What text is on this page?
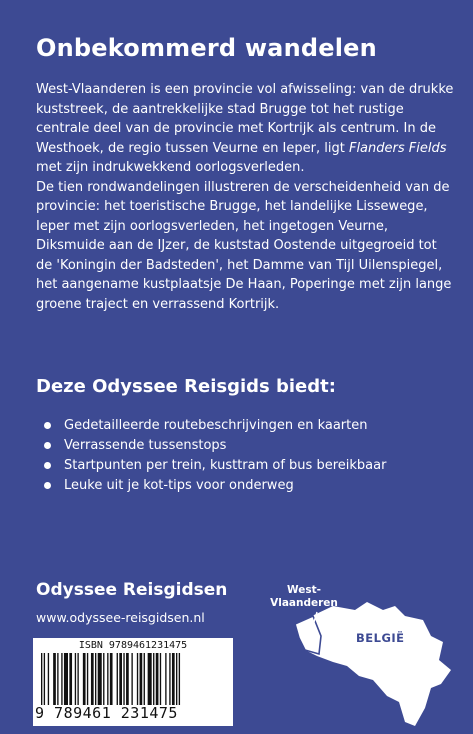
Onbekommerd wandelen

West-Vlaanderen is een provincie vol afwisseling: van de drukke kuststreek, de aantrekkelijke stad Brugge tot het rustige centrale deel van de provincie met Kortrijk als centrum. In de Westhoek, de regio tussen Veurne en Ieper, ligt Flanders Fields met zijn indrukwekkend oorlogsverleden.

De tien rondwandelingen illustreren de verscheidenheid van de provincie: het toeristische Brugge, het landelijke Lissewege, Ieper met zijn oorlogsverleden, het ingetogen Veurne, Diksmuide aan de IJzer, de kuststad Oostende uitgegroeid tot de 'Koningin der Badsteden', het Damme van Tijl Uilenspiegel, het aangename kustplaatsje De Haan, Poperinge met zijn lange groene traject en verrassend Kortrijk.

Deze Odyssee Reisgids biedt:
Gedetailleerde routebeschrijvingen en kaarten
Verrassende tussenstops
Startpunten per trein, kusttram of bus bereikbaar
Leuke uit je kot-tips voor onderweg
Odyssee Reisgidsen
www.odyssee-reisgidsen.nl
ISBN 9789461231475
9 789461 231475
West-
Vlaanderen
BELGIË
